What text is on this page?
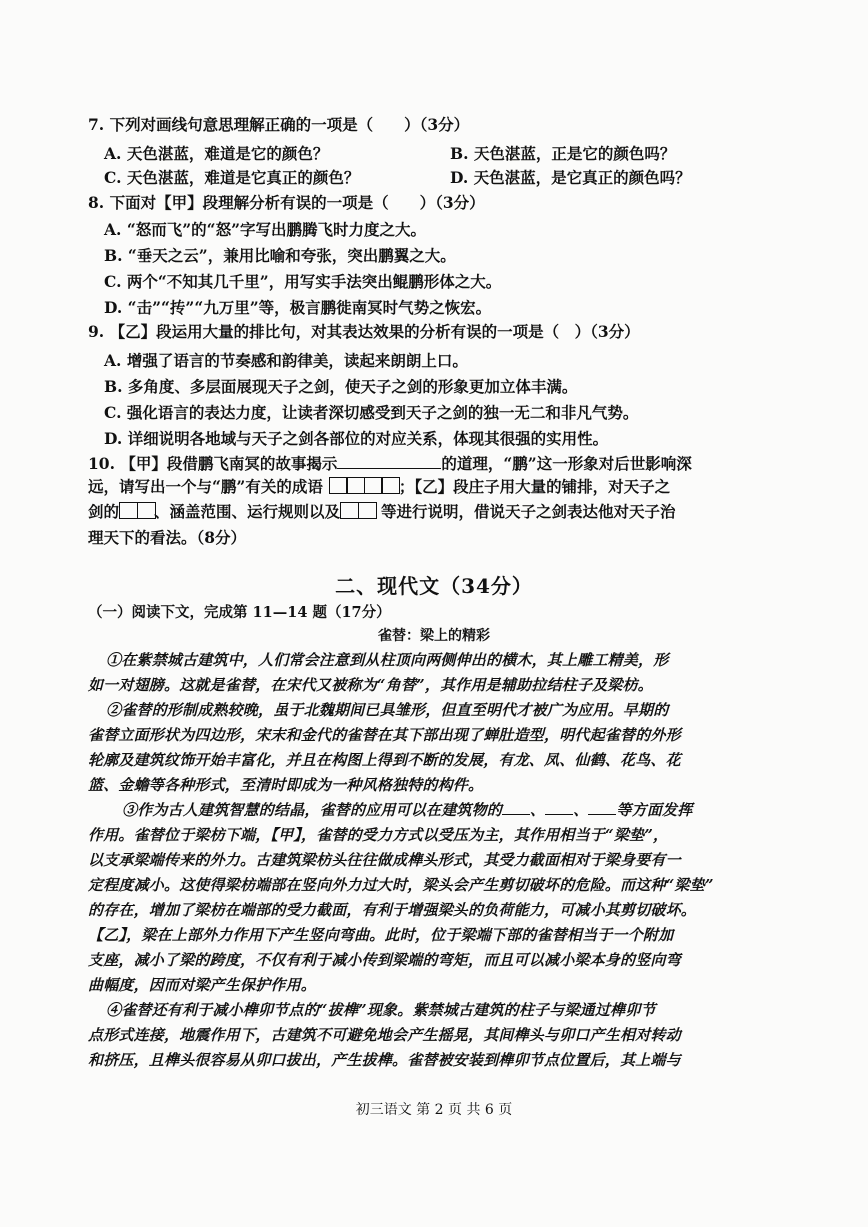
7. 下列对画线句意思理解正确的一项是（　　）（3分）
A. 天色湛蓝，难道是它的颜色？	B. 天色湛蓝，正是它的颜色吗？
C. 天色湛蓝，难道是它真正的颜色？	D. 天色湛蓝，是它真正的颜色吗？
8. 下面对【甲】段理解分析有误的一项是（　　）（3分）
A. “怒而飞”的“怒”字写出鹏腾飞时力度之大。
B. “垂天之云”，兼用比喻和夸张，突出鹏翼之大。
C. 两个“不知其几千里”，用写实手法突出鲲鹏形体之大。
D. “击”“抟”“九万里”等，极言鹏徙南冥时气势之恢宏。
9. 【乙】段运用大量的排比句，对其表达效果的分析有误的一项是（　）（3分）
A. 增强了语言的节奏感和韵律美，读起来朗朗上口。
B. 多角度、多层面展现天子之剑，使天子之剑的形象更加立体丰满。
C. 强化语言的表达力度，让读者深切感受到天子之剑的独一无二和非凡气势。
D. 详细说明各地域与天子之剑各部位的对应关系，体现其很强的实用性。
10. 【甲】段借鹏飞南冥的故事揭示	的道理，“鹏”这一形象对后世影响深
远，请写出一个与“鹏”有关的成语	；【乙】段庄子用大量的铺排，对天子之
剑的 、涵盖范围、运行规则以及	等进行说明，借说天子之剑表达他对天子治
理天下的看法。（8分）
二、现代文（34分）
（一）阅读下文，完成第 11—14 题（17分）
雀替：梁上的精彩
①在紫禁城古建筑中，人们常会注意到从柱顶向两侧伸出的横木，其上雕工精美，形
如一对翅膀。这就是雀替，在宋代又被称为“角替”，其作用是辅助拉结柱子及梁枋。
②雀替的形制成熟较晚，虽于北魏期间已具雏形，但直至明代才被广为应用。早期的
雀替立面形状为四边形，宋末和金代的雀替在其下部出现了蝉肚造型，明代起雀替的外形
轮廓及建筑纹饰开始丰富化，并且在构图上得到不断的发展，有龙、凤、仙鹤、花鸟、花
篮、金蟾等各种形式，至清时即成为一种风格独特的构件。
③作为古人建筑智慧的结晶，雀替的应用可以在建筑物的 、 、 等方面发挥
作用。雀替位于梁枋下端，【甲】，雀替的受力方式以受压为主，其作用相当于“梁垫”，
以支承梁端传来的外力。古建筑梁枋头往往做成榫头形式，其受力截面相对于梁身要有一
定程度减小。这使得梁枋端部在竖向外力过大时，梁头会产生剪切破坏的危险。而这种“梁垫”
的存在，增加了梁枋在端部的受力截面，有利于增强梁头的负荷能力，可减小其剪切破坏。
【乙】，梁在上部外力作用下产生竖向弯曲。此时，位于梁端下部的雀替相当于一个附加
支座，减小了梁的跨度，不仅有利于减小传到梁端的弯矩，而且可以减小梁本身的竖向弯
曲幅度，因而对梁产生保护作用。
④雀替还有利于减小榫卯节点的“拔榫”现象。紫禁城古建筑的柱子与梁通过榫卯节
点形式连接，地震作用下，古建筑不可避免地会产生摇晃，其间榫头与卯口产生相对转动
和挤压，且榫头很容易从卯口拔出，产生拔榫。雀替被安装到榫卯节点位置后，其上端与
初三语文 第 2 页 共 6 页
